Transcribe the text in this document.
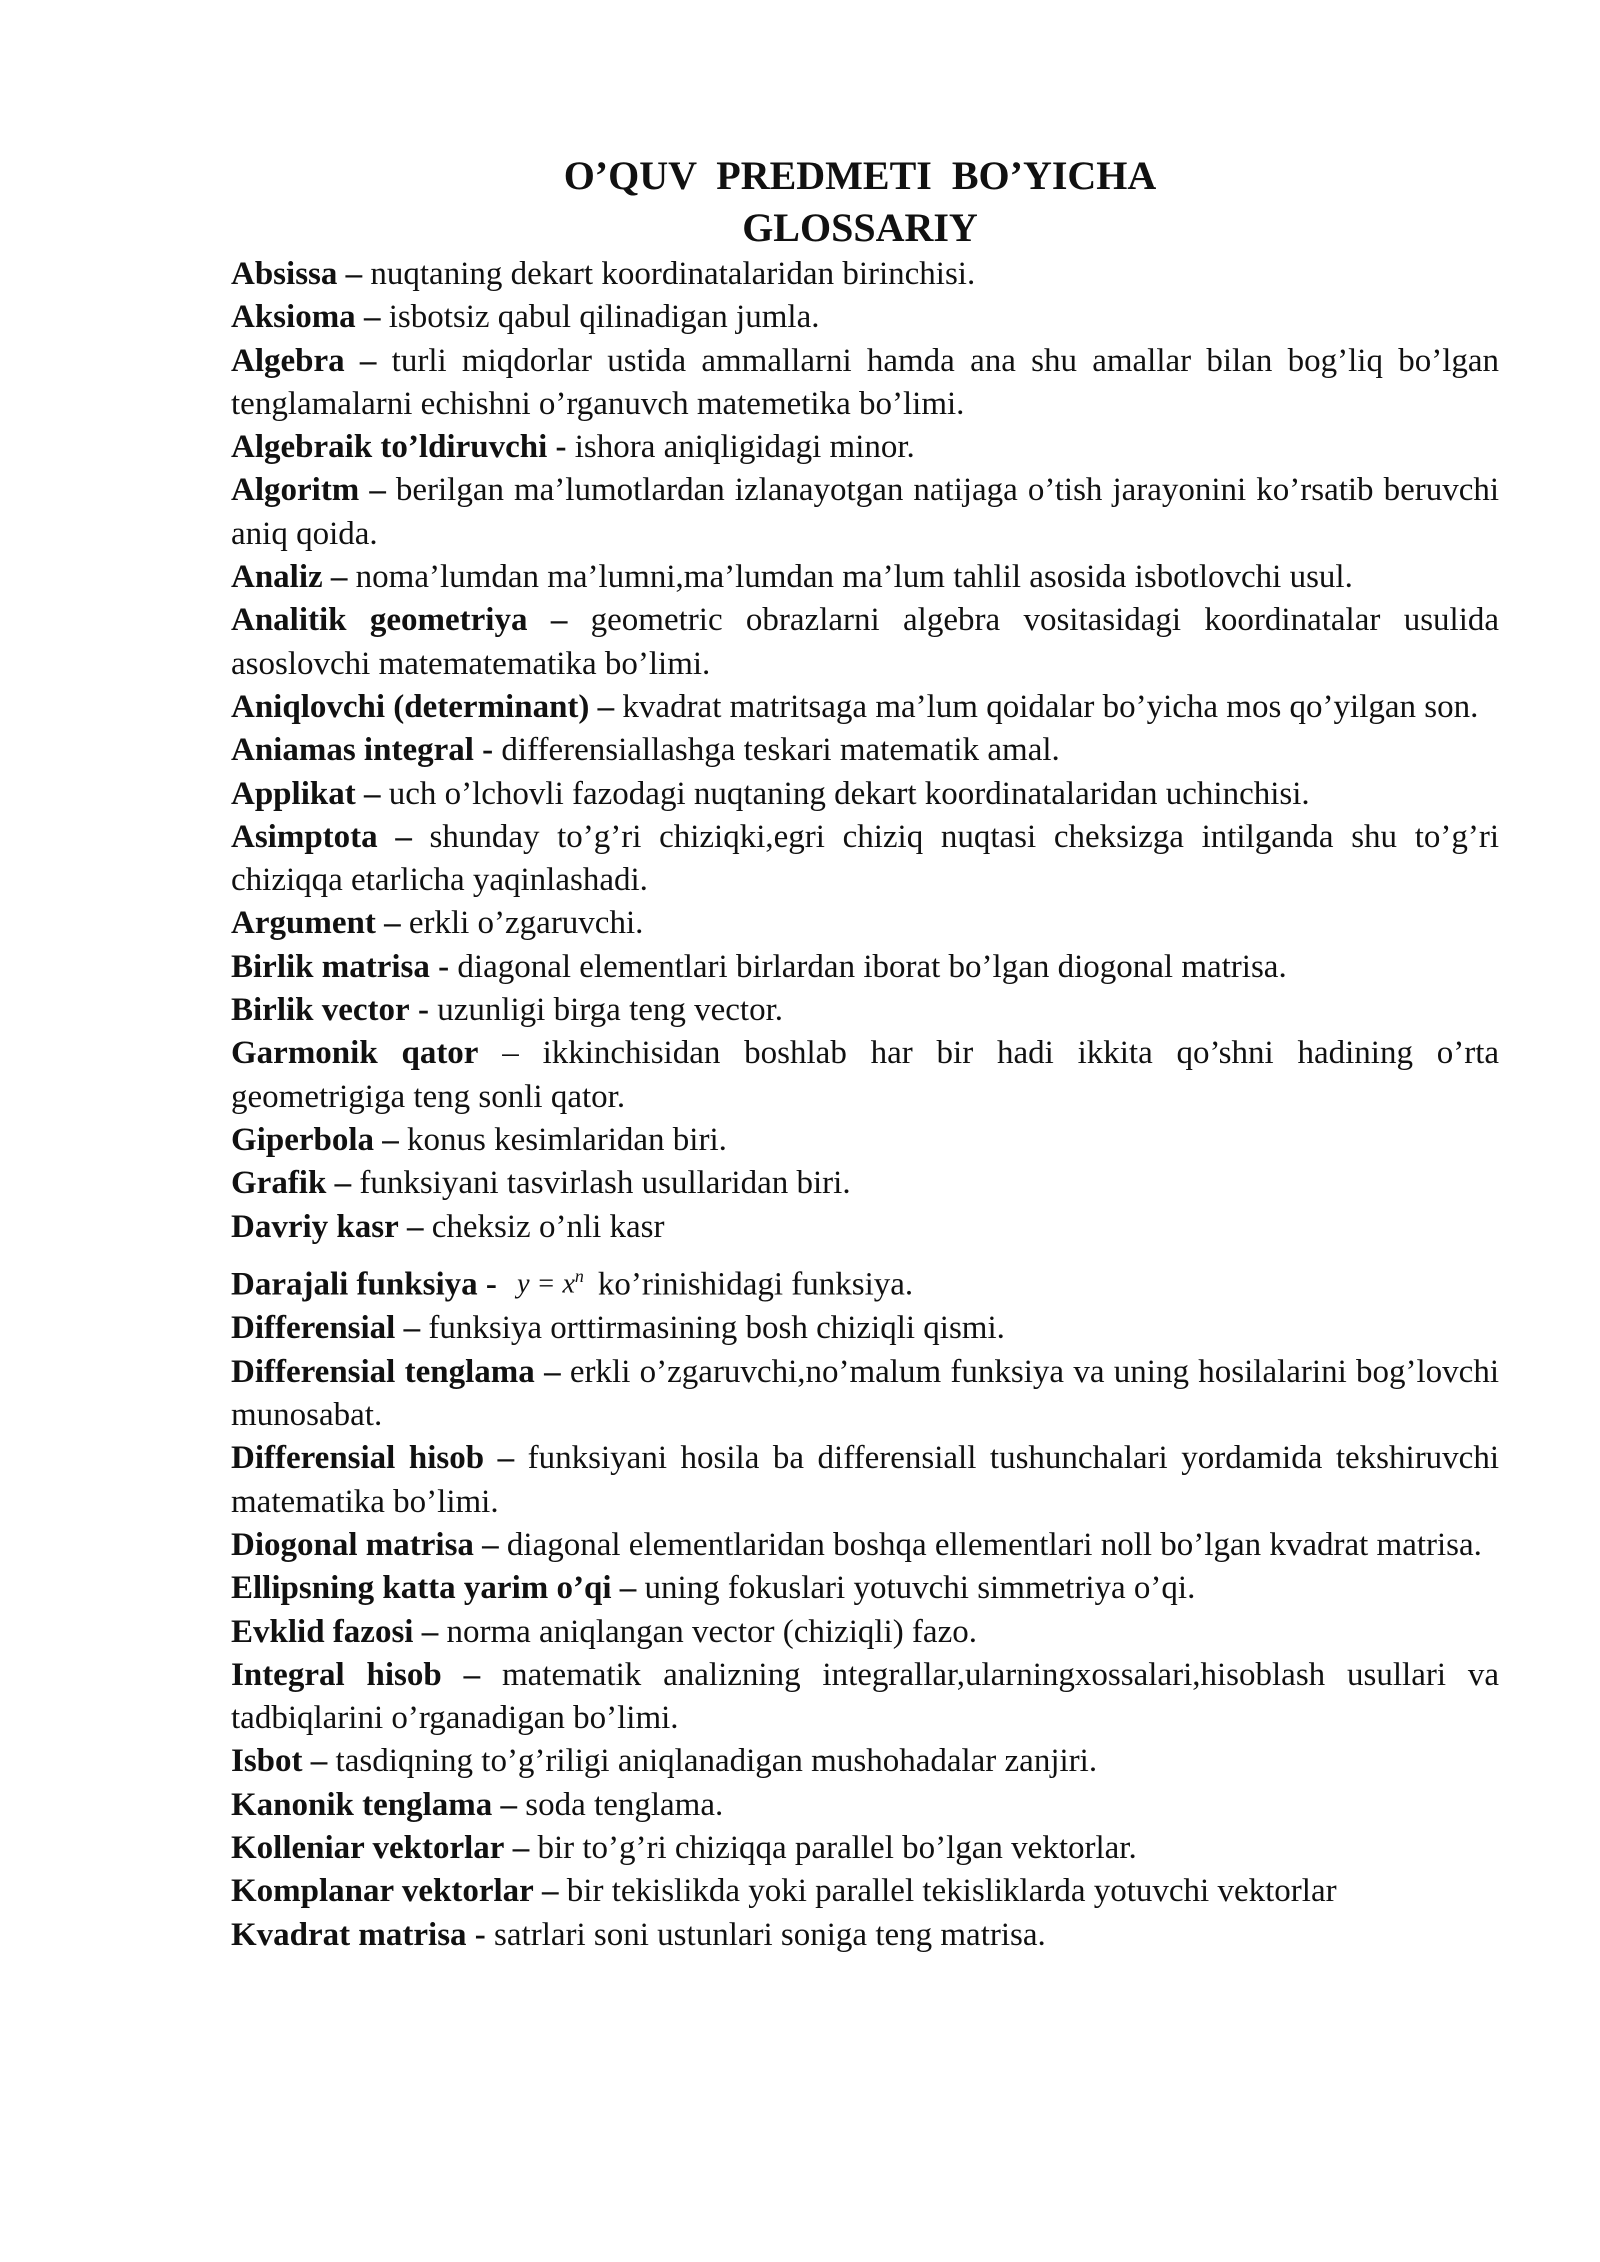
O’QUV  PREDMETI  BO’YICHA
GLOSSARIY

Absissa – nuqtaning dekart koordinatalaridan birinchisi.

Aksioma – isbotsiz qabul qilinadigan jumla.

Algebra – turli miqdorlar ustida ammallarni hamda ana shu amallar bilan bog’liq bo’lgan tenglamalarni echishni o’rganuvch matemetika bo’limi.

Algebraik to’ldiruvchi - ishora aniqligidagi minor.

Algoritm – berilgan ma’lumotlardan izlanayotgan natijaga o’tish jarayonini ko’rsatib beruvchi aniq qoida.

Analiz – noma’lumdan ma’lumni,ma’lumdan ma’lum tahlil asosida isbotlovchi usul.

Analitik geometriya – geometric obrazlarni algebra vositasidagi koordinatalar usulida asoslovchi matematematika bo’limi.

Aniqlovchi (determinant) – kvadrat matritsaga ma’lum qoidalar bo’yicha mos qo’yilgan son.

Aniamas integral - differensiallashga teskari matematik amal.

Applikat – uch o’lchovli fazodagi nuqtaning dekart koordinatalaridan uchinchisi.

Asimptota – shunday to’g’ri chiziqki,egri chiziq nuqtasi cheksizga intilganda shu to’g’ri chiziqqa etarlicha yaqinlashadi.

Argument – erkli o’zgaruvchi.

Birlik matrisa - diagonal elementlari birlardan iborat bo’lgan diogonal matrisa.

Birlik vector - uzunligi birga teng vector.

Garmonik qator – ikkinchisidan boshlab har bir hadi ikkita qo’shni hadining o’rta geometrigiga teng sonli qator.

Giperbola – konus kesimlaridan biri.

Grafik – funksiyani tasvirlash usullaridan biri.

Davriy kasr – cheksiz o’nli kasr

Darajali funksiya - $y = x^n$ ko’rinishidagi funksiya.

Differensial – funksiya orttirmasining bosh chiziqli qismi.

Differensial tenglama – erkli o’zgaruvchi,no’malum funksiya va uning hosilalarini bog’lovchi munosabat.

Differensial hisob – funksiyani hosila ba differensiall tushunchalari yordamida tekshiruvchi matematika bo’limi.

Diogonal matrisa – diagonal elementlaridan boshqa ellementlari noll bo’lgan kvadrat matrisa.

Ellipsning katta yarim o’qi – uning fokuslari yotuvchi simmetriya o’qi.

Evklid fazosi – norma aniqlangan vector (chiziqli) fazo.

Integral hisob – matematik analizning integrallar,ularningxossalari,hisoblash usullari va tadbiqlarini o’rganadigan bo’limi.

Isbot – tasdiqning to’g’riligi aniqlanadigan mushohadalar zanjiri.

Kanonik tenglama – soda tenglama.

Kolleniar vektorlar – bir to’g’ri chiziqqa parallel bo’lgan vektorlar.

Komplanar vektorlar – bir tekislikda yoki parallel tekisliklarda yotuvchi vektorlar

Kvadrat matrisa - satrlari soni ustunlari soniga teng matrisa.
